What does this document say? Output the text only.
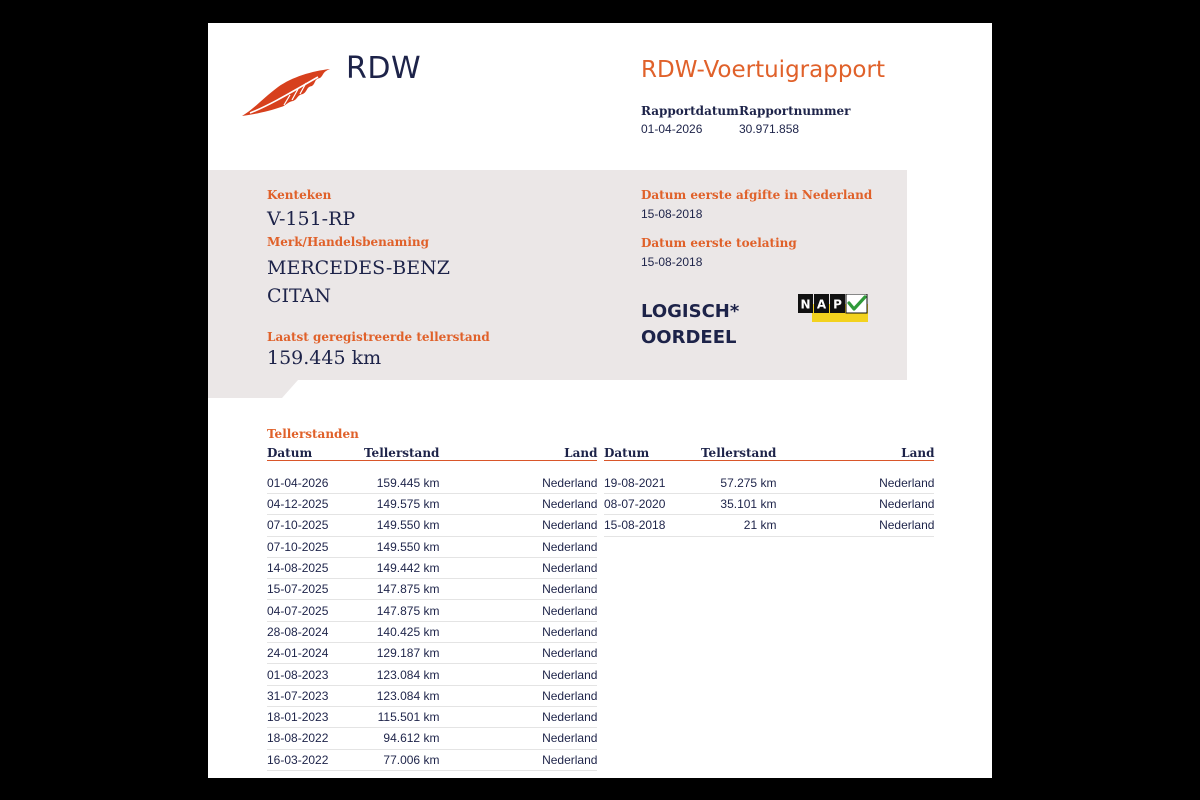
RDW	RDW-Voertuigrapport
Rapportdatum
01-04-2026
Rapportnummer
30.971.858
Kenteken
V-151-RP
Merk/Handelsbenaming
MERCEDES-BENZ
CITAN
Laatst geregistreerde tellerstand
159.445 km
Datum eerste afgifte in Nederland
15-08-2018
Datum eerste toelating
15-08-2018
LOGISCH*
OORDEEL
N A P
Tellerstanden
Datum	Tellerstand	Land
01-04-2026	159.445 km	Nederland
04-12-2025	149.575 km	Nederland
07-10-2025	149.550 km	Nederland
07-10-2025	149.550 km	Nederland
14-08-2025	149.442 km	Nederland
15-07-2025	147.875 km	Nederland
04-07-2025	147.875 km	Nederland
28-08-2024	140.425 km	Nederland
24-01-2024	129.187 km	Nederland
01-08-2023	123.084 km	Nederland
31-07-2023	123.084 km	Nederland
18-01-2023	115.501 km	Nederland
18-08-2022	94.612 km	Nederland
16-03-2022	77.006 km	Nederland
Datum	Tellerstand	Land
19-08-2021	57.275 km	Nederland
08-07-2020	35.101 km	Nederland
15-08-2018	21 km	Nederland
